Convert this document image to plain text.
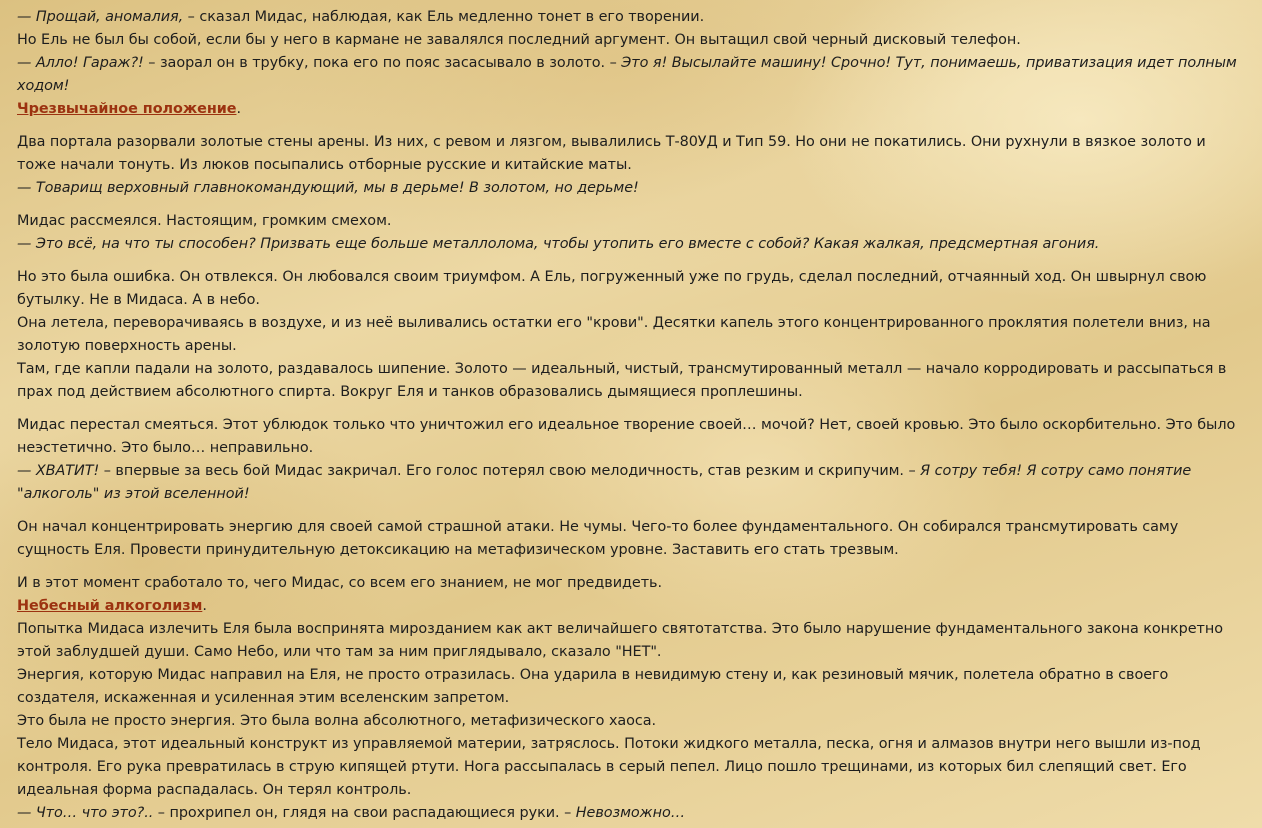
— Прощай, аномалия, – сказал Мидас, наблюдая, как Ель медленно тонет в его творении.
Но Ель не был бы собой, если бы у него в кармане не завалялся последний аргумент. Он вытащил свой черный дисковый телефон.
— Алло! Гараж?! – заорал он в трубку, пока его по пояс засасывало в золото. – Это я! Высылайте машину! Срочно! Тут, понимаешь, приватизация идет полным ходом!
Чрезвычайное положение.
Два портала разорвали золотые стены арены. Из них, с ревом и лязгом, вывалились Т-80УД и Тип 59. Но они не покатились. Они рухнули в вязкое золото и тоже начали тонуть. Из люков посыпались отборные русские и китайские маты.
— Товарищ верховный главнокомандующий, мы в дерьме! В золотом, но дерьме!
Мидас рассмеялся. Настоящим, громким смехом.
— Это всё, на что ты способен? Призвать еще больше металлолома, чтобы утопить его вместе с собой? Какая жалкая, предсмертная агония.
Но это была ошибка. Он отвлекся. Он любовался своим триумфом. А Ель, погруженный уже по грудь, сделал последний, отчаянный ход. Он швырнул свою бутылку. Не в Мидаса. А в небо.
Она летела, переворачиваясь в воздухе, и из неё выливались остатки его "крови". Десятки капель этого концентрированного проклятия полетели вниз, на золотую поверхность арены.
Там, где капли падали на золото, раздавалось шипение. Золото — идеальный, чистый, трансмутированный металл — начало корродировать и рассыпаться в прах под действием абсолютного спирта. Вокруг Еля и танков образовались дымящиеся проплешины.
Мидас перестал смеяться. Этот ублюдок только что уничтожил его идеальное творение своей… мочой? Нет, своей кровью. Это было оскорбительно. Это было неэстетично. Это было… неправильно.
— ХВАТИТ! – впервые за весь бой Мидас закричал. Его голос потерял свою мелодичность, став резким и скрипучим. – Я сотру тебя! Я сотру само понятие "алкоголь" из этой вселенной!
Он начал концентрировать энергию для своей самой страшной атаки. Не чумы. Чего-то более фундаментального. Он собирался трансмутировать саму сущность Еля. Провести принудительную детоксикацию на метафизическом уровне. Заставить его стать трезвым.
И в этот момент сработало то, чего Мидас, со всем его знанием, не мог предвидеть.
Небесный алкоголизм.
Попытка Мидаса излечить Еля была воспринята мирозданием как акт величайшего святотатства. Это было нарушение фундаментального закона конкретно этой заблудшей души. Само Небо, или что там за ним приглядывало, сказало "НЕТ".
Энергия, которую Мидас направил на Еля, не просто отразилась. Она ударила в невидимую стену и, как резиновый мячик, полетела обратно в своего создателя, искаженная и усиленная этим вселенским запретом.
Это была не просто энергия. Это была волна абсолютного, метафизического хаоса.
Тело Мидаса, этот идеальный конструкт из управляемой материи, затряслось. Потоки жидкого металла, песка, огня и алмазов внутри него вышли из-под контроля. Его рука превратилась в струю кипящей ртути. Нога рассыпалась в серый пепел. Лицо пошло трещинами, из которых бил слепящий свет. Его идеальная форма распадалась. Он терял контроль.
— Что… что это?.. – прохрипел он, глядя на свои распадающиеся руки. – Невозможно…
